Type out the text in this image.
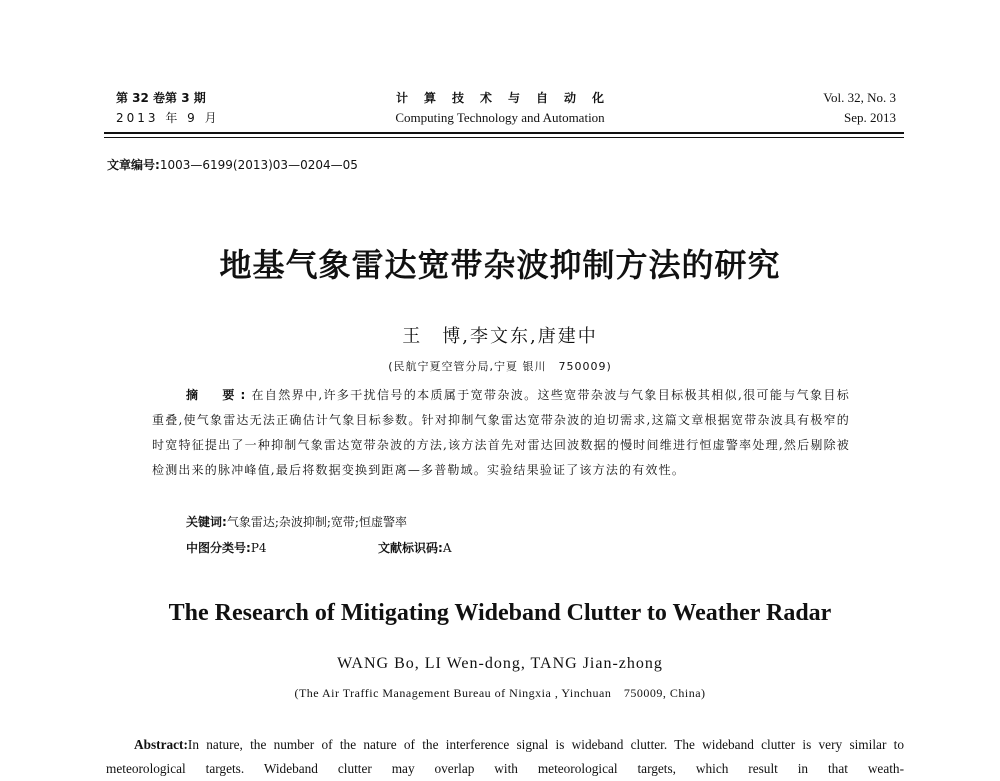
第 32 卷第 3 期
2013 年 9 月
计算技术与自动化
Computing Technology and Automation
Vol. 32, No. 3
Sep. 2013
文章编号:1003—6199(2013)03—0204—05
地基气象雷达宽带杂波抑制方法的研究
王　博,李文东,唐建中
(民航宁夏空管分局,宁夏 银川　750009)
摘　要:在自然界中,许多干扰信号的本质属于宽带杂波。这些宽带杂波与气象目标极其相似,很可能与气象目标重叠,使气象雷达无法正确估计气象目标参数。针对抑制气象雷达宽带杂波的迫切需求,这篇文章根据宽带杂波具有极窄的时宽特征提出了一种抑制气象雷达宽带杂波的方法,该方法首先对雷达回波数据的慢时间维进行恒虚警率处理,然后剔除被检测出来的脉冲峰值,最后将数据变换到距离—多普勒域。实验结果验证了该方法的有效性。
关键词:气象雷达;杂波抑制;宽带;恒虚警率
中图分类号:P4	文献标识码:A
The Research of Mitigating Wideband Clutter to Weather Radar
WANG Bo, LI Wen-dong, TANG Jian-zhong
(The Air Traffic Management Bureau of Ningxia , Yinchuan　750009, China)
Abstract:In nature, the number of the nature of the interference signal is wideband clutter. The wideband clutter is very similar to meteorological targets. Wideband clutter may overlap with meteorological targets, which result in that weath-
